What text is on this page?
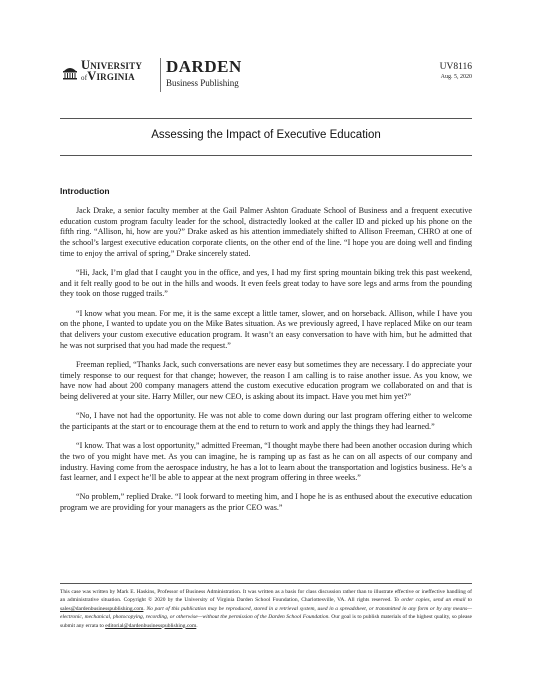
University
ofVirginia	DARDEN
Business Publishing
UV8116
Aug. 5, 2020
Assessing the Impact of Executive Education
Introduction

Jack Drake, a senior faculty member at the Gail Palmer Ashton Graduate School of Business and a frequent executive education custom program faculty leader for the school, distractedly looked at the caller ID and picked up his phone on the fifth ring. “Allison, hi, how are you?” Drake asked as his attention immediately shifted to Allison Freeman, CHRO at one of the school’s largest executive education corporate clients, on the other end of the line. “I hope you are doing well and finding time to enjoy the arrival of spring,” Drake sincerely stated.

“Hi, Jack, I’m glad that I caught you in the office, and yes, I had my first spring mountain biking trek this past weekend, and it felt really good to be out in the hills and woods. It even feels great today to have sore legs and arms from the pounding they took on those rugged trails.”

“I know what you mean. For me, it is the same except a little tamer, slower, and on horseback. Allison, while I have you on the phone, I wanted to update you on the Mike Bates situation. As we previously agreed, I have replaced Mike on our team that delivers your custom executive education program. It wasn’t an easy conversation to have with him, but he admitted that he was not surprised that you had made the request.”

Freeman replied, “Thanks Jack, such conversations are never easy but sometimes they are necessary. I do appreciate your timely response to our request for that change; however, the reason I am calling is to raise another issue. As you know, we have now had about 200 company managers attend the custom executive education program we collaborated on and that is being delivered at your site. Harry Miller, our new CEO, is asking about its impact. Have you met him yet?”

“No, I have not had the opportunity. He was not able to come down during our last program offering either to welcome the participants at the start or to encourage them at the end to return to work and apply the things they had learned.”

“I know. That was a lost opportunity,” admitted Freeman, “I thought maybe there had been another occasion during which the two of you might have met. As you can imagine, he is ramping up as fast as he can on all aspects of our company and industry. Having come from the aerospace industry, he has a lot to learn about the transportation and logistics business. He’s a fast learner, and I expect he’ll be able to appear at the next program offering in three weeks.”

“No problem,” replied Drake. “I look forward to meeting him, and I hope he is as enthused about the executive education program we are providing for your managers as the prior CEO was.”

This case was written by Mark E. Haskins, Professor of Business Administration. It was written as a basis for class discussion rather than to illustrate effective or ineffective handling of an administrative situation. Copyright © 2020 by the University of Virginia Darden School Foundation, Charlottesville, VA. All rights reserved. To order copies, send an email to sales@dardenbusinesspublishing.com. No part of this publication may be reproduced, stored in a retrieval system, used in a spreadsheet, or transmitted in any form or by any means—electronic, mechanical, photocopying, recording, or otherwise—without the permission of the Darden School Foundation. Our goal is to publish materials of the highest quality, so please submit any errata to editorial@dardenbusinesspublishing.com.
